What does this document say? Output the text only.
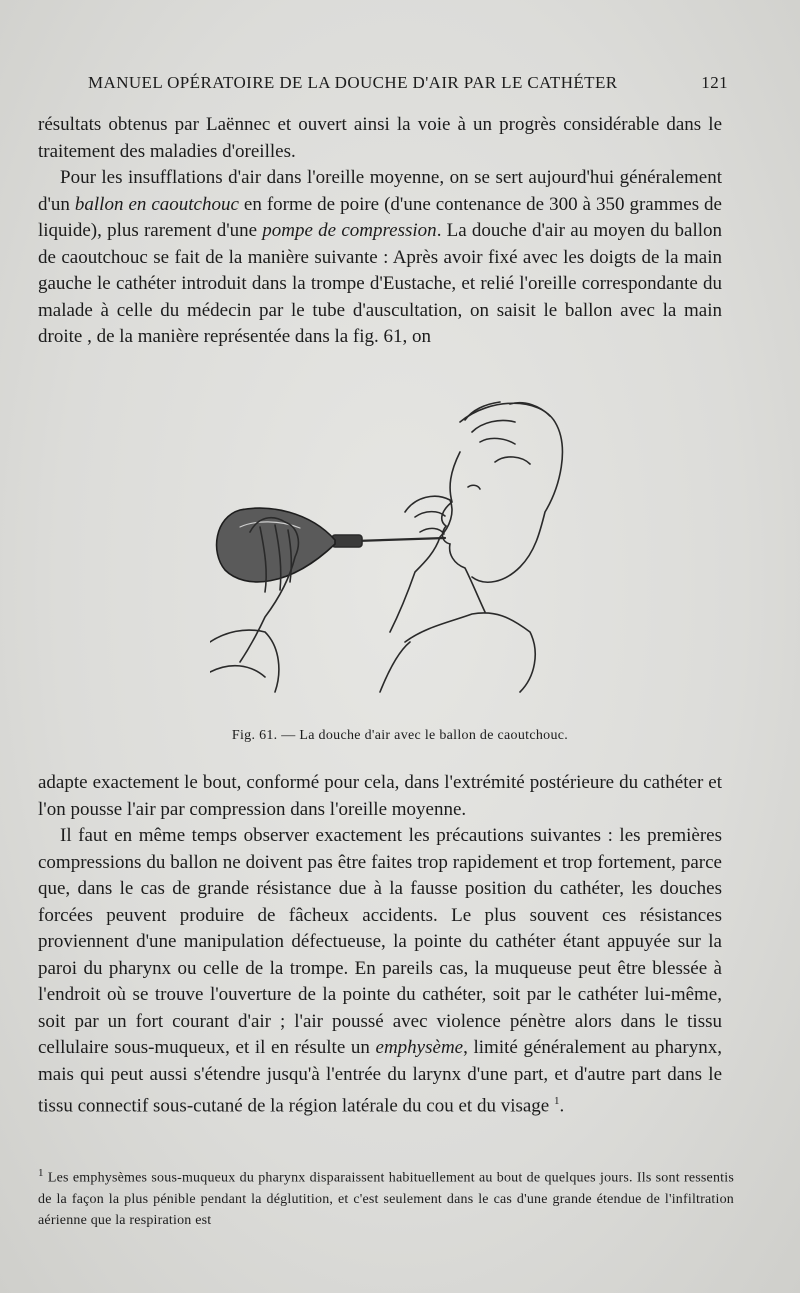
MANUEL OPÉRATOIRE DE LA DOUCHE D'AIR PAR LE CATHÉTER	121

résultats obtenus par Laënnec et ouvert ainsi la voie à un progrès considérable dans le traitement des maladies d'oreilles.

Pour les insufflations d'air dans l'oreille moyenne, on se sert aujourd'hui généralement d'un ballon en caoutchouc en forme de poire (d'une contenance de 300 à 350 grammes de liquide), plus rarement d'une pompe de compression. La douche d'air au moyen du ballon de caoutchouc se fait de la manière suivante : Après avoir fixé avec les doigts de la main gauche le cathéter introduit dans la trompe d'Eustache, et relié l'oreille correspondante du malade à celle du médecin par le tube d'auscultation, on saisit le ballon avec la main droite , de la manière représentée dans la fig. 61, on

Fig. 61. — La douche d'air avec le ballon de caoutchouc.

adapte exactement le bout, conformé pour cela, dans l'extrémité postérieure du cathéter et l'on pousse l'air par compression dans l'oreille moyenne.

Il faut en même temps observer exactement les précautions suivantes : les premières compressions du ballon ne doivent pas être faites trop rapidement et trop fortement, parce que, dans le cas de grande résistance due à la fausse position du cathéter, les douches forcées peuvent produire de fâcheux accidents. Le plus souvent ces résistances proviennent d'une manipulation défectueuse, la pointe du cathéter étant appuyée sur la paroi du pharynx ou celle de la trompe. En pareils cas, la muqueuse peut être blessée à l'endroit où se trouve l'ouverture de la pointe du cathéter, soit par le cathéter lui-même, soit par un fort courant d'air ; l'air poussé avec violence pénètre alors dans le tissu cellulaire sous-muqueux, et il en résulte un emphysème, limité généralement au pharynx, mais qui peut aussi s'étendre jusqu'à l'entrée du larynx d'une part, et d'autre part dans le tissu connectif sous-cutané de la région latérale du cou et du visage $^1$.

$^1$ Les emphysèmes sous-muqueux du pharynx disparaissent habituellement au bout de quelques jours. Ils sont ressentis de la façon la plus pénible pendant la déglutition, et c'est seulement dans le cas d'une grande étendue de l'infiltration aérienne que la respiration est
